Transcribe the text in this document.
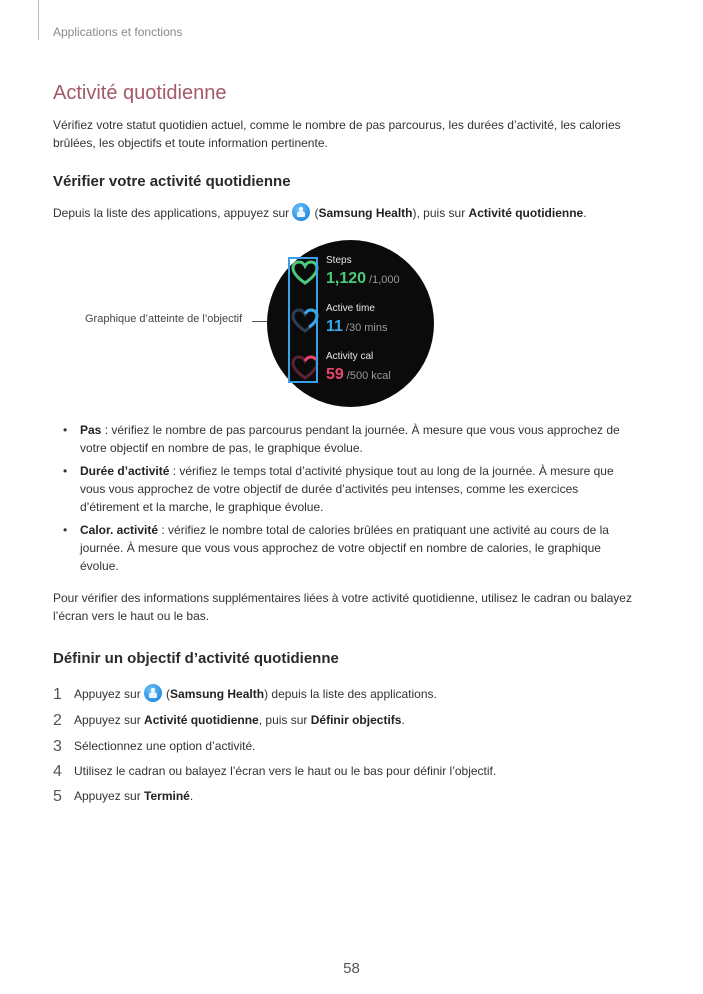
Applications et fonctions
Activité quotidienne
Vérifiez votre statut quotidien actuel, comme le nombre de pas parcourus, les durées d’activité, les calories brûlées, les objectifs et toute information pertinente.
Vérifier votre activité quotidienne
Depuis la liste des applications, appuyez sur (Samsung Health), puis sur Activité quotidienne.
Graphique d’atteinte de l’objectif
Steps
1,120 /1,000
Active time
11 /30 mins
Activity cal
59 /500 kcal
• Pas : vérifiez le nombre de pas parcourus pendant la journée. À mesure que vous vous approchez de votre objectif en nombre de pas, le graphique évolue.
• Durée d’activité : vérifiez le temps total d’activité physique tout au long de la journée. À mesure que vous vous approchez de votre objectif de durée d’activités peu intenses, comme les exercices d’étirement et la marche, le graphique évolue.
• Calor. activité : vérifiez le nombre total de calories brûlées en pratiquant une activité au cours de la journée. À mesure que vous vous approchez de votre objectif en nombre de calories, le graphique évolue.
Pour vérifier des informations supplémentaires liées à votre activité quotidienne, utilisez le cadran ou balayez l’écran vers le haut ou le bas.
Définir un objectif d’activité quotidienne
1 Appuyez sur (Samsung Health) depuis la liste des applications.
2 Appuyez sur Activité quotidienne, puis sur Définir objectifs.
3 Sélectionnez une option d’activité.
4 Utilisez le cadran ou balayez l’écran vers le haut ou le bas pour définir l’objectif.
5 Appuyez sur Terminé.
58
